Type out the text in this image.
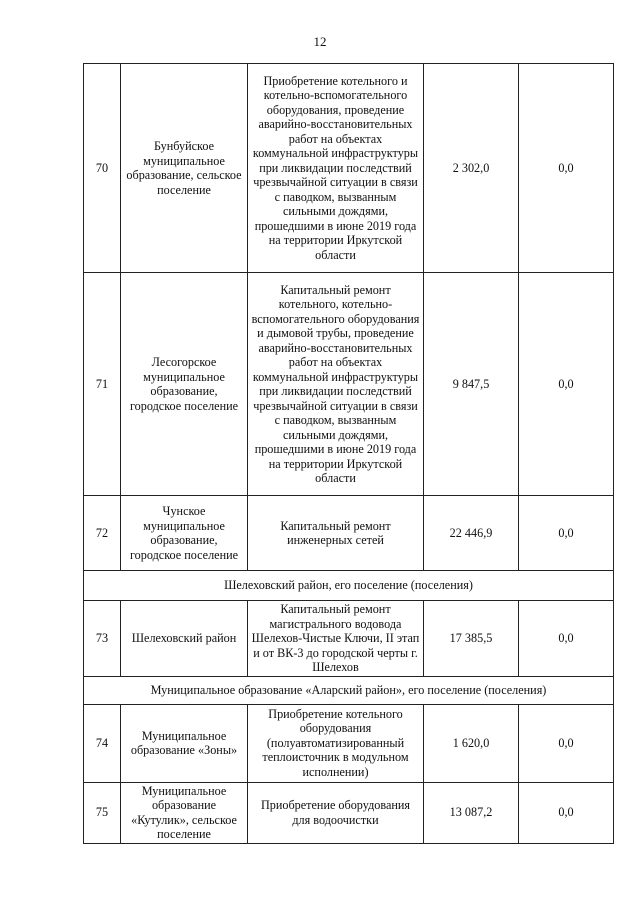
12
70	Бунбуйское муниципальное образование, сельское поселение	Приобретение котельного и котельно-вспомогательного оборудования, проведение аварийно-восстановительных работ на объектах коммунальной инфраструктуры при ликвидации последствий чрезвычайной ситуации в связи с паводком, вызванным сильными дождями, прошедшими в июне 2019 года на территории Иркутской области	2 302,0	0,0
71	Лесогорское муниципальное образование, городское поселение	Капитальный ремонт котельного, котельно-вспомогательного оборудования и дымовой трубы, проведение аварийно-восстановительных работ на объектах коммунальной инфраструктуры при ликвидации последствий чрезвычайной ситуации в связи с паводком, вызванным сильными дождями, прошедшими в июне 2019 года на территории Иркутской области	9 847,5	0,0
72	Чунское муниципальное образование, городское поселение	Капитальный ремонт инженерных сетей	22 446,9	0,0
Шелеховский район, его поселение (поселения)				
73	Шелеховский район	Капитальный ремонт магистрального водовода Шелехов-Чистые Ключи, II этап и от ВК-3 до городской черты г. Шелехов	17 385,5	0,0
Муниципальное образование «Аларский район», его поселение (поселения)				
74	Муниципальное образование «Зоны»	Приобретение котельного оборудования (полуавтоматизированный теплоисточник в модульном исполнении)	1 620,0	0,0
75	Муниципальное образование «Кутулик», сельское поселение	Приобретение оборудования для водоочистки	13 087,2	0,0
